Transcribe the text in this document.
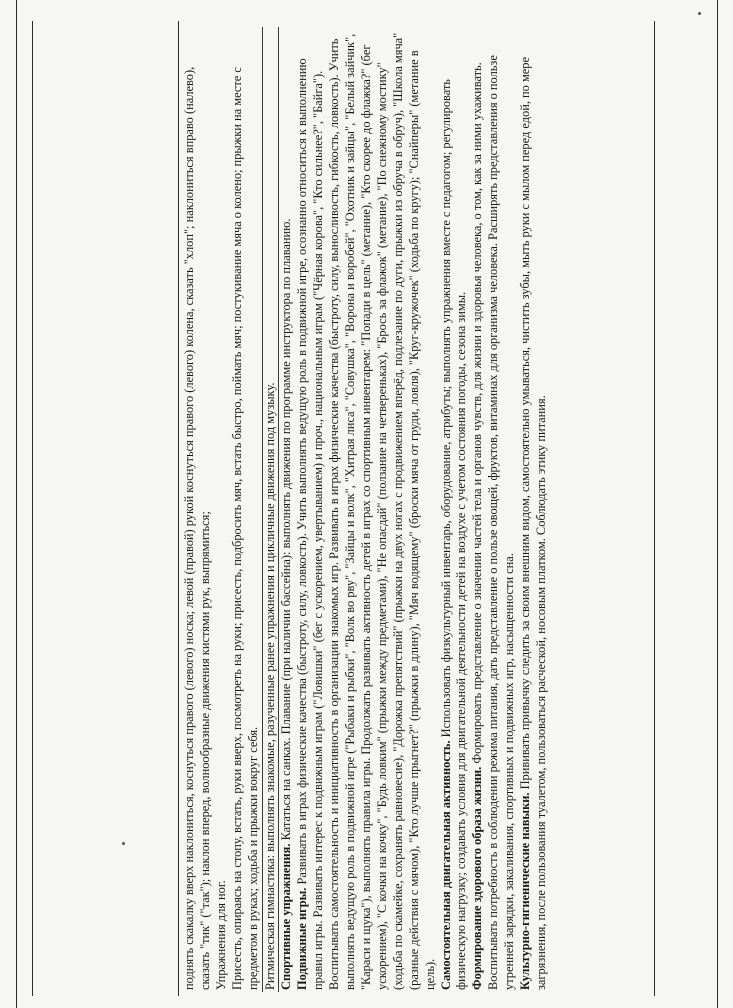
поднять скакалку вверх наклониться, коснуться правого (левого) носка; левой (правой) рукой коснуться правого (левого) колена, сказать "хлоп"; наклониться вправо (налево), сказать "тик" ("так"); наклон вперед, волнообразные движения кистями рук, выпрямиться; Упражнения для ног. Присесть, опираясь на стопу, встать, руки вверх, посмотреть на руки; присесть, подбросить мяч, встать быстро, поймать мяч; постукивание мяча о колено; прыжки на месте с предметом в руках; ходьба и прыжки вокруг себя. Ритмическая гимнастика: выполнять знакомые, разученные ранее упражнения и цикличные движения под музыку. Спортивные упражнения. Кататься на санках. Плавание (при наличии бассейна): выполнять движения по программе инструктора по плаванию.

Подвижные игры. Развивать в играх физические качества (быстроту, силу, ловкость). Учить выполнять ведущую роль в подвижной игре, осознанно относиться к выполнению правил игры. Развивать интерес к подвижным играм ("Ловишки" (бег с ускорением, увертыванием) и проч., национальным играм ("Чёрная корова", "Кто сильнее?", "Байга"). Воспитывать самостоятельность и инициативность в организации знакомых игр. Развивать в играх физические качества (быстроту, силу, выносливость, гибкость, ловкость). Учить выполнять ведущую роль в подвижной игре ("Рыбаки и рыбки", "Волк во рву", "Зайцы и волк", "Хитрая лиса", "Совушка", "Ворона и воробей", "Охотник и зайцы", "Белый зайчик", "Караси и щука"), выполнять правила игры. Продолжать развивать активность детей в играх со спортивным инвентарем: "Попади в цель" (метание), "Кто скорее до флажка?" (бег ускорением), "С кочки на кочку", "Будь ловким" (прыжки между предметами), "Не опасдай" (ползание на четвереньках), "Брось за флажок" (метание), "По снежному мостику" (ходьба по скамейке, сохранять равновесие), "Дорожка препятствий" (прыжки на двух ногах с продвижением вперёд, подлезание по дуги, прыжки из обруча в обруч), "Школа мяча" (разные действия с мячом), "Кто лучше прыгнет?" (прыжки в длину), "Мяч водящему" (броски мяча от груди, ловля), "Круг-кружочек" (ходьба по кругу); "Снайперы" (метание в цель). Самостоятельная двигательная активность. Использовать физкультурный инвентарь, оборудование, атрибуты; выполнять упражнения вместе с педагогом; регулировать физическую нагрузку; создавать условия для двигательной деятельности детей на воздухе с учетом состояния погоды, сезона зимы. Формирование здорового образа жизни. Формировать представление о значении частей тела и органов чувств, для жизни и здоровья человека, о том, как за ними ухаживать. Воспитывать потребность в соблюдении режима питания, дать представление о пользе овощей, фруктов, витаминах для организма человека. Расширять представления о пользе утренней зарядки, закаливания, спортивных и подвижных игр, насыщенности сна. Культурно-гигиенические навыки. Прививать привычку следить за своим внешним видом, самостоятельно умываться, чистить зубы, мыть руки с мылом перед едой, по мере загрязнения, после пользования туалетом, пользоваться расческой, носовым платком. Соблюдать этику питания.
